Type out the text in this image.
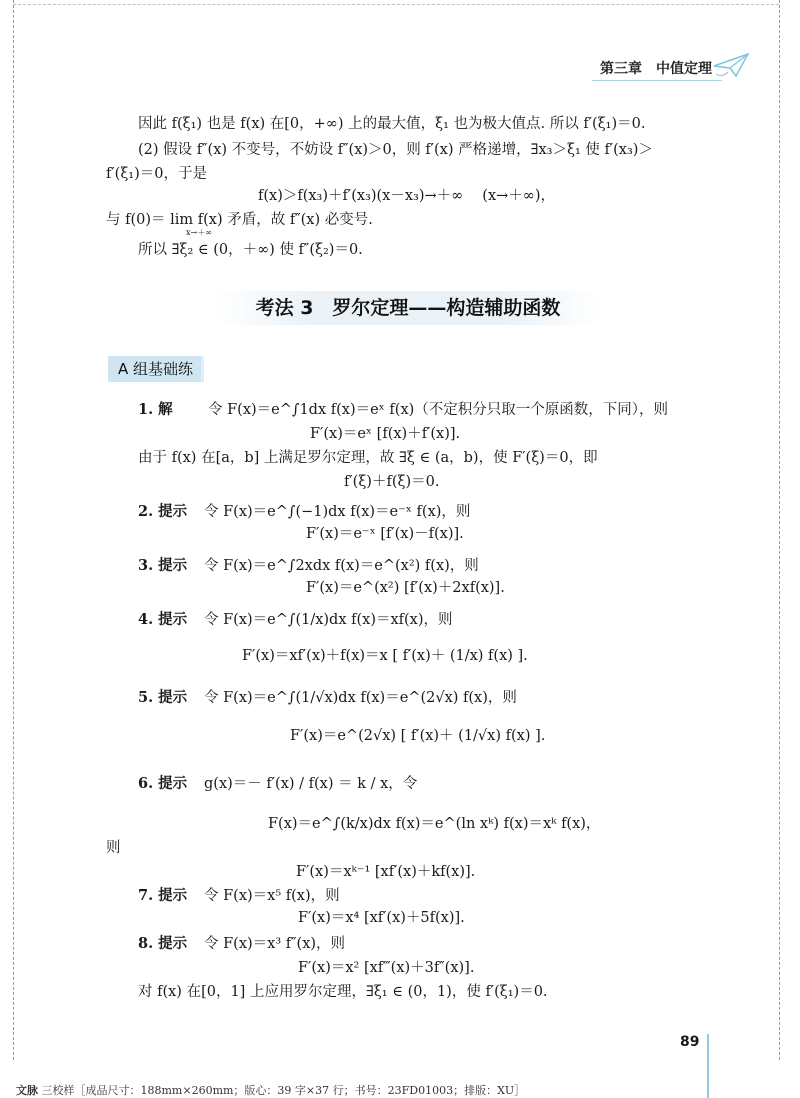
第三章　中值定理
因此 f(ξ₁) 也是 f(x) 在[0，+∞) 上的最大值，ξ₁ 也为极大值点. 所以 f′(ξ₁)＝0.
(2) 假设 f″(x) 不变号，不妨设 f″(x)＞0，则 f′(x) 严格递增，∃x₃＞ξ₁ 使 f′(x₃)＞
f′(ξ₁)＝0，于是
f(x)＞f(x₃)＋f′(x₃)(x－x₃)→＋∞　 (x→＋∞)，
与 f(0)＝ lim f(x) 矛盾，故 f″(x) 必变号.
x→＋∞
所以 ∃ξ₂ ∈ (0，＋∞) 使 f″(ξ₂)＝0.
考法 3　罗尔定理——构造辅助函数
A 组基础练
1. 解 令 F(x)＝e^∫1dx f(x)＝eˣ f(x)（不定积分只取一个原函数，下同），则
F′(x)＝eˣ [f(x)＋f′(x)].
由于 f(x) 在[a，b] 上满足罗尔定理，故 ∃ξ ∈ (a，b)，使 F′(ξ)＝0，即
f′(ξ)＋f(ξ)＝0.
2. 提示 令 F(x)＝e^∫(−1)dx f(x)＝e⁻ˣ f(x)，则
F′(x)＝e⁻ˣ [f′(x)－f(x)].
3. 提示 令 F(x)＝e^∫2xdx f(x)＝e^(x²) f(x)，则
F′(x)＝e^(x²) [f′(x)＋2xf(x)].
4. 提示 令 F(x)＝e^∫(1/x)dx f(x)＝xf(x)，则
F′(x)＝xf′(x)＋f(x)＝x [ f′(x)＋ (1/x) f(x) ].
5. 提示 令 F(x)＝e^∫(1/√x)dx f(x)＝e^(2√x) f(x)，则
F′(x)＝e^(2√x) [ f′(x)＋ (1/√x) f(x) ].
6. 提示 g(x)＝－ f′(x) / f(x) ＝ k / x，令
F(x)＝e^∫(k/x)dx f(x)＝e^(ln xᵏ) f(x)＝xᵏ f(x)，
则
F′(x)＝xᵏ⁻¹ [xf′(x)＋kf(x)].
7. 提示 令 F(x)＝x⁵ f(x)，则
F′(x)＝x⁴ [xf′(x)＋5f(x)].
8. 提示 令 F(x)＝x³ f″(x)，则
F′(x)＝x² [xf‴(x)＋3f″(x)].
对 f(x) 在[0，1] 上应用罗尔定理，∃ξ₁ ∈ (0，1)，使 f′(ξ₁)＝0.
89
文脉 三校样［成品尺寸：188mm×260mm；版心：39 字×37 行；书号：23FD01003；排版：XU］
